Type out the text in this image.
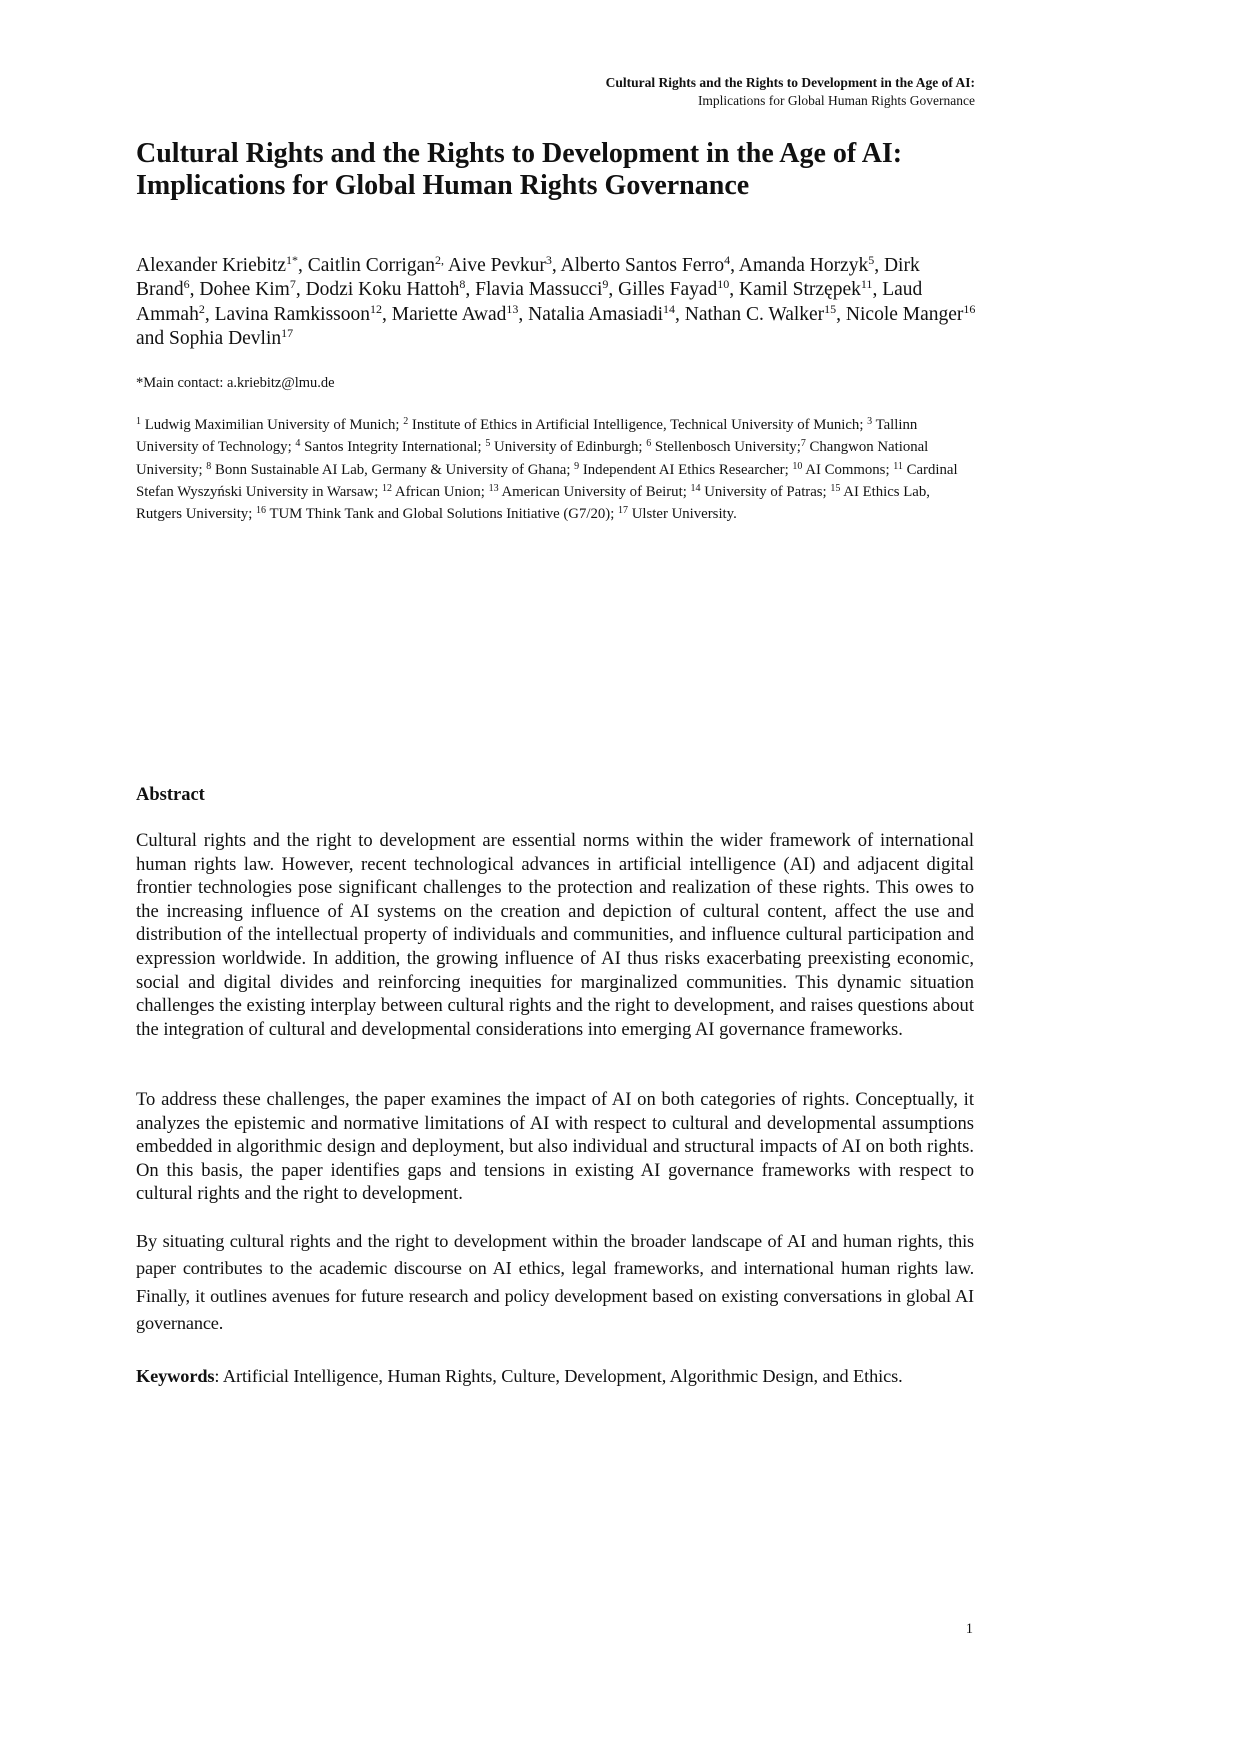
Cultural Rights and the Rights to Development in the Age of AI:
Implications for Global Human Rights Governance
Cultural Rights and the Rights to Development in the Age of AI:
Implications for Global Human Rights Governance

Alexander Kriebitz$^{1*}$, Caitlin Corrigan$^{2,}$ Aive Pevkur$^3$, Alberto Santos Ferro$^4$, Amanda Horzyk$^5$, Dirk Brand$^6$, Dohee Kim$^7$, Dodzi Koku Hattoh$^8$, Flavia Massucci$^9$, Gilles Fayad$^{10}$, Kamil Strzępek$^{11}$, Laud Ammah$^2$, Lavina Ramkissoon$^{12}$, Mariette Awad$^{13}$, Natalia Amasiadi$^{14}$, Nathan C. Walker$^{15}$, Nicole Manger$^{16}$ and Sophia Devlin$^{17}$

*Main contact: a.kriebitz@lmu.de

$^1$ Ludwig Maximilian University of Munich; $^2$ Institute of Ethics in Artificial Intelligence, Technical University of Munich; $^3$ Tallinn University of Technology; $^4$ Santos Integrity International; $^5$ University of Edinburgh; $^6$ Stellenbosch University;$^7$ Changwon National University; $^8$ Bonn Sustainable AI Lab, Germany & University of Ghana; $^9$ Independent AI Ethics Researcher; $^{10}$ AI Commons; $^{11}$ Cardinal Stefan Wyszyński University in Warsaw; $^{12}$ African Union; $^{13}$ American University of Beirut; $^{14}$ University of Patras; $^{15}$ AI Ethics Lab, Rutgers University; $^{16}$ TUM Think Tank and Global Solutions Initiative (G7/20); $^{17}$ Ulster University.

Abstract

Cultural rights and the right to development are essential norms within the wider framework of international human rights law. However, recent technological advances in artificial intelligence (AI) and adjacent digital frontier technologies pose significant challenges to the protection and realization of these rights. This owes to the increasing influence of AI systems on the creation and depiction of cultural content, affect the use and distribution of the intellectual property of individuals and communities, and influence cultural participation and expression worldwide. In addition, the growing influence of AI thus risks exacerbating preexisting economic, social and digital divides and reinforcing inequities for marginalized communities. This dynamic situation challenges the existing interplay between cultural rights and the right to development, and raises questions about the integration of cultural and developmental considerations into emerging AI governance frameworks.

To address these challenges, the paper examines the impact of AI on both categories of rights. Conceptually, it analyzes the epistemic and normative limitations of AI with respect to cultural and developmental assumptions embedded in algorithmic design and deployment, but also individual and structural impacts of AI on both rights. On this basis, the paper identifies gaps and tensions in existing AI governance frameworks with respect to cultural rights and the right to development.

By situating cultural rights and the right to development within the broader landscape of AI and human rights, this paper contributes to the academic discourse on AI ethics, legal frameworks, and international human rights law. Finally, it outlines avenues for future research and policy development based on existing conversations in global AI governance.

Keywords: Artificial Intelligence, Human Rights, Culture, Development, Algorithmic Design, and Ethics.

1
